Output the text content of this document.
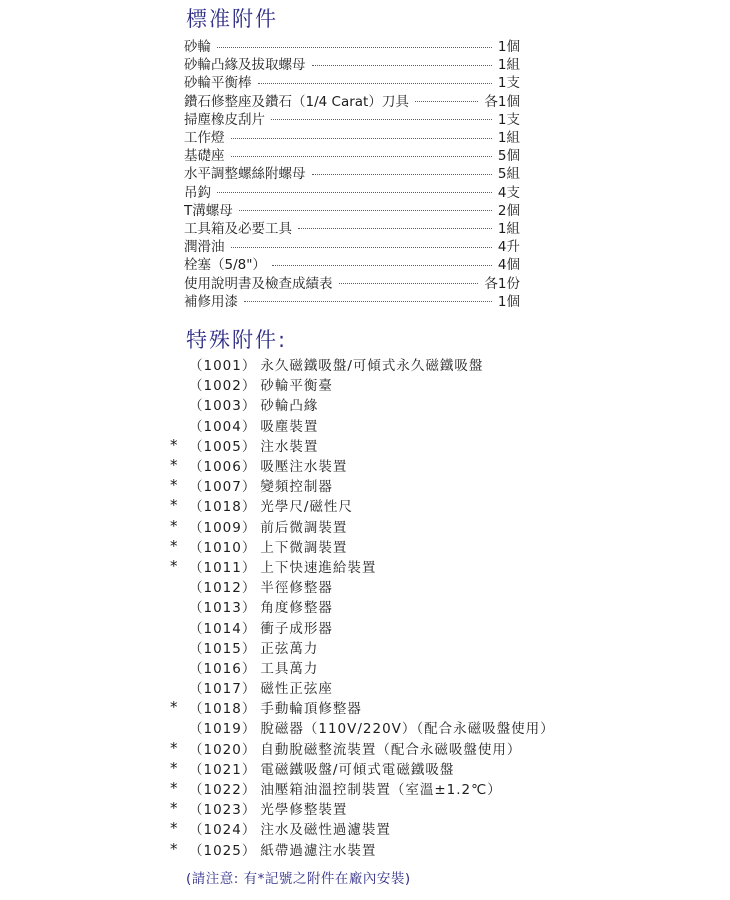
標准附件
砂輪	1個
砂輪凸緣及拔取螺母	1組
砂輪平衡棒	1支
鑽石修整座及鑽石（1/4 Carat）刀具	各1個
掃塵橡皮刮片	1支
工作燈	1組
基礎座	5個
水平調整螺絲附螺母	5組
吊鈎	4支
T溝螺母	2個
工具箱及必要工具	1組
潤滑油	4升
栓塞（5/8"）	4個
使用說明書及檢查成績表	各1份
補修用漆	1個
特殊附件:
（1001） 永久磁鐵吸盤/可傾式永久磁鐵吸盤
（1002） 砂輪平衡臺
（1003） 砂輪凸緣
（1004） 吸塵裝置
* （1005） 注水裝置
* （1006） 吸壓注水裝置
* （1007） 變頻控制器
* （1018） 光學尺/磁性尺
* （1009） 前后微調裝置
* （1010） 上下微調裝置
* （1011） 上下快速進給裝置
（1012） 半徑修整器
（1013） 角度修整器
（1014） 衝子成形器
（1015） 正弦萬力
（1016） 工具萬力
（1017） 磁性正弦座
* （1018） 手動輪頂修整器
（1019） 脫磁器（110V/220V）（配合永磁吸盤使用）
* （1020） 自動脫磁整流裝置（配合永磁吸盤使用）
* （1021） 電磁鐵吸盤/可傾式電磁鐵吸盤
* （1022） 油壓箱油溫控制裝置（室溫±1.2℃）
* （1023） 光學修整裝置
* （1024） 注水及磁性過濾裝置
* （1025） 紙帶過濾注水裝置
(請注意: 有*記號之附件在廠內安裝)
